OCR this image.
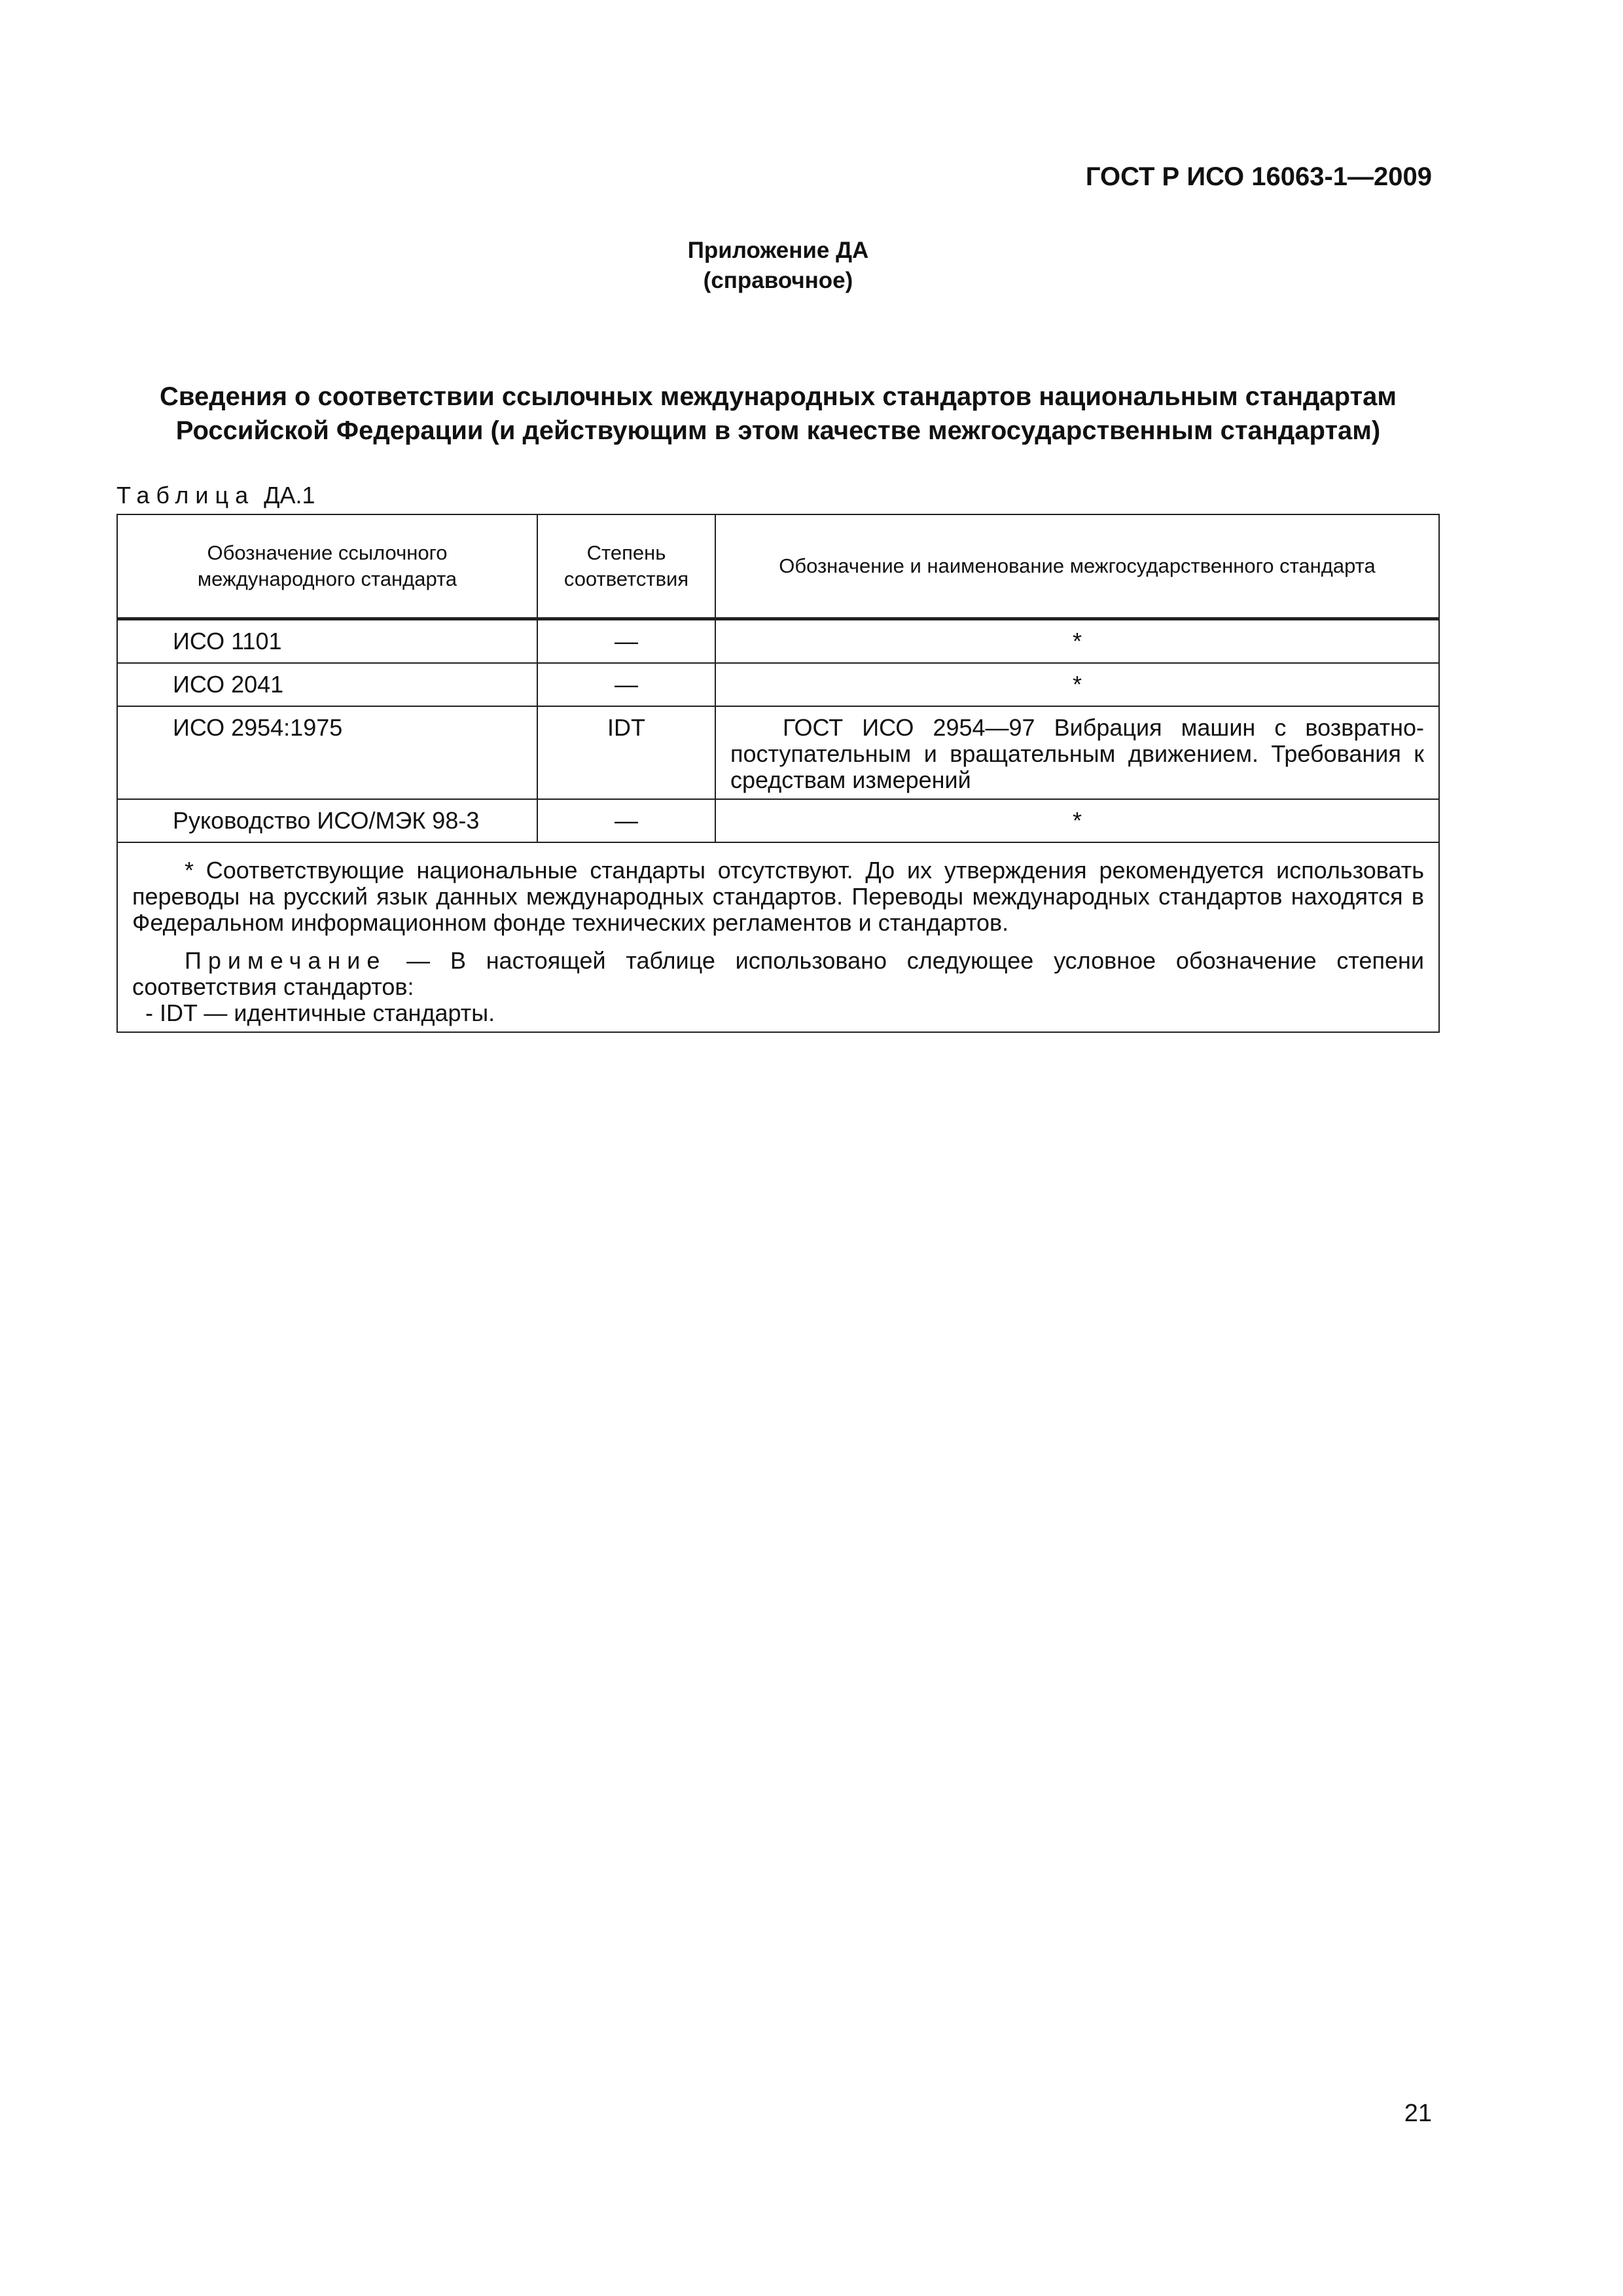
ГОСТ Р ИСО 16063-1—2009
Приложение ДА
(справочное)
Сведения о соответствии ссылочных международных стандартов национальным стандартам
Российской Федерации (и действующим в этом качестве межгосударственным стандартам)
Таблица ДА.1
Обозначение ссылочного международного стандарта	Степень соответствия	Обозначение и наименование межгосударственного стандарта
ИСО 1101	—	*
ИСО 2041	—	*
ИСО 2954:1975	IDT	ГОСТ ИСО 2954—97 Вибрация машин с возвратно-поступательным и вращательным движением. Требования к средствам измерений
Руководство ИСО/МЭК 98-3	—	*

* Соответствующие национальные стандарты отсутствуют. До их утверждения рекомендуется использовать переводы на русский язык данных международных стандартов. Переводы международных стандартов находятся в Федеральном информационном фонде технических регламентов и стандартов.

Примечание — В настоящей таблице использовано следующее условное обозначение степени соответствия стандартов:

- IDT — идентичные стандарты.		

21
